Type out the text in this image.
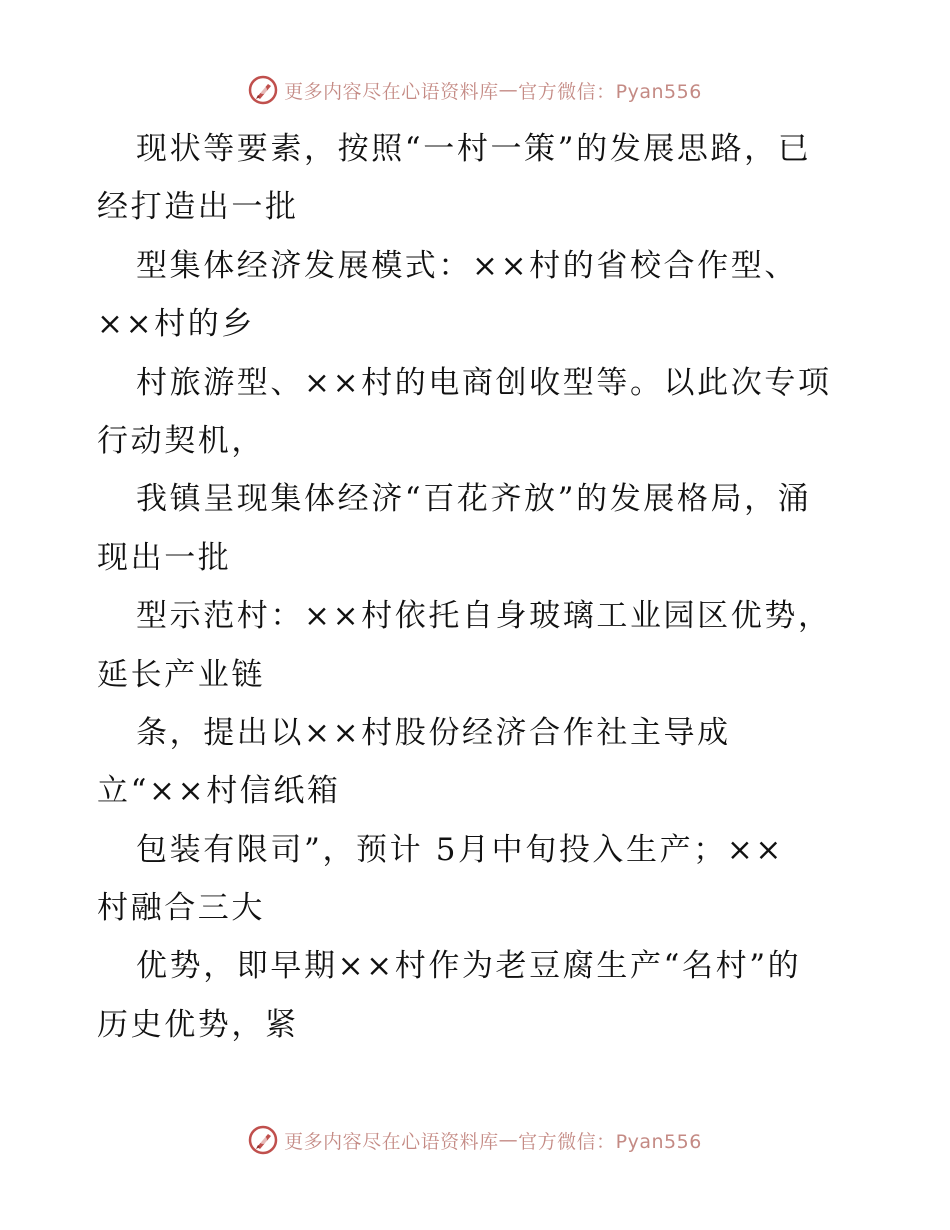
更多内容尽在心语资料库 — 官方微信：Pyan556
现状等要素，按照“一村一策”的发展思路，已
经打造出一批
型集体经济发展模式：××村的省校合作型、
××村的乡
村旅游型、××村的电商创收型等。以此次专项
行动契机，
我镇呈现集体经济“百花齐放”的发展格局，涌
现出一批
型示范村：××村依托自身玻璃工业园区优势，
延长产业链
条，提出以××村股份经济合作社主导成
立“××村信纸箱
包装有限司”，预计 5月中旬投入生产；××
村融合三大
优势，即早期××村作为老豆腐生产“名村”的
历史优势，紧
更多内容尽在心语资料库 — 官方微信：Pyan556
